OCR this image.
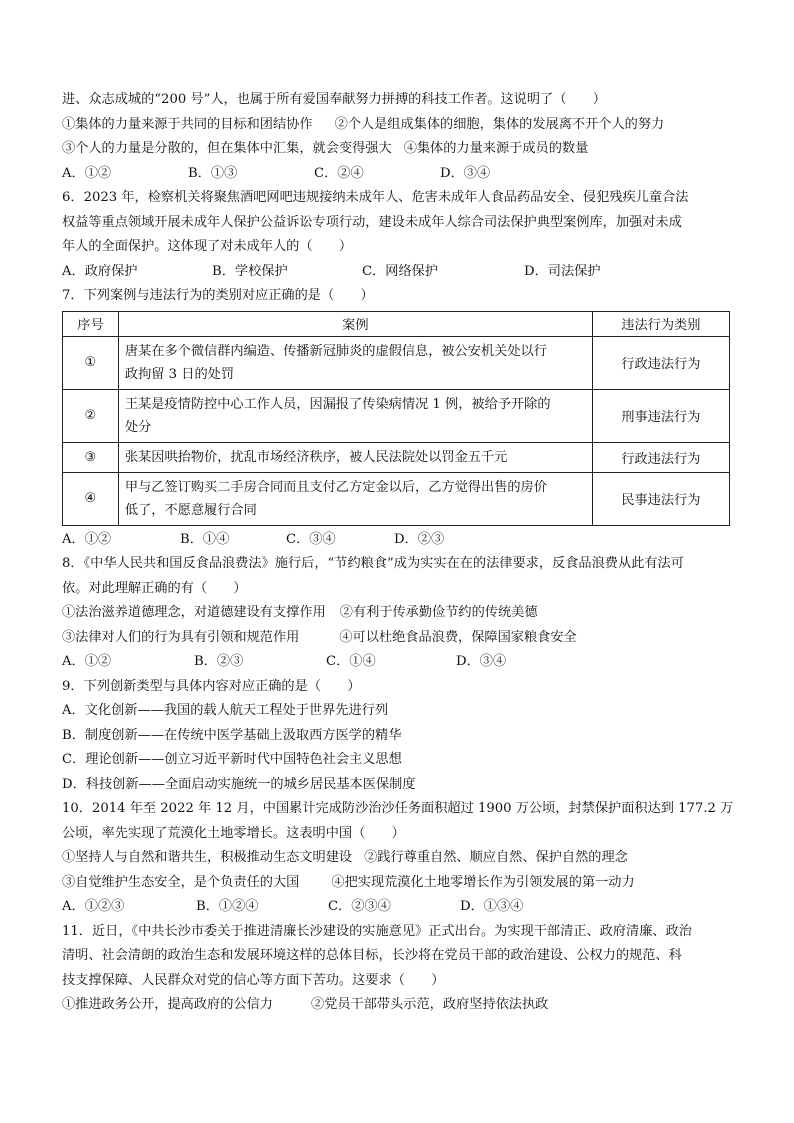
进、众志成城的“200 号”人，也属于所有爱国奉献努力拼搏的科技工作者。这说明了（　　）
①集体的力量来源于共同的目标和团结协作 ②个人是组成集体的细胞，集体的发展离不开个人的努力
③个人的力量是分散的，但在集体中汇集，就会变得强大 ④集体的力量来源于成员的数量
A．①②	B．①③	C．②④	D．③④
6．2023 年，检察机关将聚焦酒吧网吧违规接纳未成年人、危害未成年人食品药品安全、侵犯残疾儿童合法
权益等重点领域开展未成年人保护公益诉讼专项行动，建设未成年人综合司法保护典型案例库，加强对未成
年人的全面保护。这体现了对未成年人的（　　）
A．政府保护	B．学校保护	C．网络保护	D．司法保护
7．下列案例与违法行为的类别对应正确的是（　　）
序号	案例	违法行为类别
①	唐某在多个微信群内编造、传播新冠肺炎的虚假信息，被公安机关处以行
政拘留 3 日的处罚	行政违法行为
②	王某是疫情防控中心工作人员，因漏报了传染病情况 1 例，被给予开除的
处分	刑事违法行为
③	张某因哄抬物价，扰乱市场经济秩序，被人民法院处以罚金五千元	行政违法行为
④	甲与乙签订购买二手房合同而且支付乙方定金以后，乙方觉得出售的房价
低了，不愿意履行合同	民事违法行为
A．①②	B．①④	C．③④	D．②③
8．《中华人民共和国反食品浪费法》施行后，“节约粮食”成为实实在在的法律要求，反食品浪费从此有法可
依。对此理解正确的有（　　）
①法治滋养道德理念，对道德建设有支撑作用 ②有利于传承勤俭节约的传统美德
③法律对人们的行为具有引领和规范作用	④可以杜绝食品浪费，保障国家粮食安全
A．①②	B．②③	C．①④	D．③④
9．下列创新类型与具体内容对应正确的是（　　）
A．文化创新——我国的载人航天工程处于世界先进行列
B．制度创新——在传统中医学基础上汲取西方医学的精华
C．理论创新——创立习近平新时代中国特色社会主义思想
D．科技创新——全面启动实施统一的城乡居民基本医保制度
10．2014 年至 2022 年 12 月，中国累计完成防沙治沙任务面积超过 1900 万公顷，封禁保护面积达到 177.2 万
公顷，率先实现了荒漠化土地零增长。这表明中国（　　）
①坚持人与自然和谐共生，积极推动生态文明建设 ②践行尊重自然、顺应自然、保护自然的理念
③自觉维护生态安全，是个负责任的大国 ④把实现荒漠化土地零增长作为引领发展的第一动力
A．①②③	B．①②④	C．②③④	D．①③④
11．近日，《中共长沙市委关于推进清廉长沙建设的实施意见》正式出台。为实现干部清正、政府清廉、政治
清明、社会清朗的政治生态和发展环境这样的总体目标，长沙将在党员干部的政治建设、公权力的规范、科
技支撑保障、人民群众对党的信心等方面下苦功。这要求（　　）
①推进政务公开，提高政府的公信力	②党员干部带头示范，政府坚持依法执政
